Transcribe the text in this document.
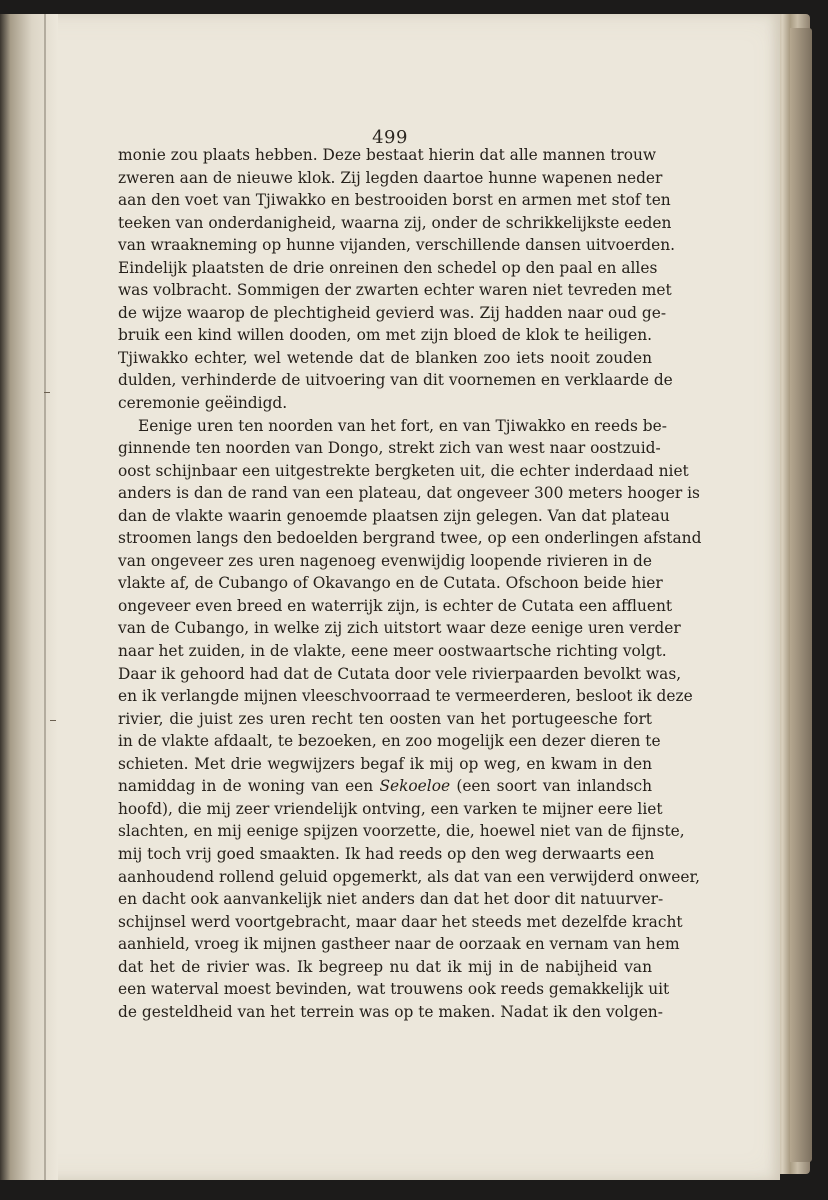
499
monie zou plaats hebben. Deze bestaat hierin dat alle mannen trouw
zweren aan de nieuwe klok. Zij legden daartoe hunne wapenen neder
aan den voet van Tjiwakko en bestrooiden borst en armen met stof ten
teeken van onderdanigheid, waarna zij, onder de schrikkelijkste eeden
van wraakneming op hunne vijanden, verschillende dansen uitvoerden.
Eindelijk plaatsten de drie onreinen den schedel op den paal en alles
was volbracht. Sommigen der zwarten echter waren niet tevreden met
de wijze waarop de plechtigheid gevierd was. Zij hadden naar oud ge-
bruik een kind willen dooden, om met zijn bloed de klok te heiligen.
Tjiwakko echter, wel wetende dat de blanken zoo iets nooit zouden
dulden, verhinderde de uitvoering van dit voornemen en verklaarde de
ceremonie geëindigd.
Eenige uren ten noorden van het fort, en van Tjiwakko en reeds be-
ginnende ten noorden van Dongo, strekt zich van west naar oostzuid-
oost schijnbaar een uitgestrekte bergketen uit, die echter inderdaad niet
anders is dan de rand van een plateau, dat ongeveer 300 meters hooger is
dan de vlakte waarin genoemde plaatsen zijn gelegen. Van dat plateau
stroomen langs den bedoelden bergrand twee, op een onderlingen afstand
van ongeveer zes uren nagenoeg evenwijdig loopende rivieren in de
vlakte af, de Cubango of Okavango en de Cutata. Ofschoon beide hier
ongeveer even breed en waterrijk zijn, is echter de Cutata een affluent
van de Cubango, in welke zij zich uitstort waar deze eenige uren verder
naar het zuiden, in de vlakte, eene meer oostwaartsche richting volgt.
Daar ik gehoord had dat de Cutata door vele rivierpaarden bevolkt was,
en ik verlangde mijnen vleeschvoorraad te vermeerderen, besloot ik deze
rivier, die juist zes uren recht ten oosten van het portugeesche fort
in de vlakte afdaalt, te bezoeken, en zoo mogelijk een dezer dieren te
schieten. Met drie wegwijzers begaf ik mij op weg, en kwam in den
namiddag in de woning van een Sekoeloe (een soort van inlandsch
hoofd), die mij zeer vriendelijk ontving, een varken te mijner eere liet
slachten, en mij eenige spijzen voorzette, die, hoewel niet van de fijnste,
mij toch vrij goed smaakten. Ik had reeds op den weg derwaarts een
aanhoudend rollend geluid opgemerkt, als dat van een verwijderd onweer,
en dacht ook aanvankelijk niet anders dan dat het door dit natuurver-
schijnsel werd voortgebracht, maar daar het steeds met dezelfde kracht
aanhield, vroeg ik mijnen gastheer naar de oorzaak en vernam van hem
dat het de rivier was. Ik begreep nu dat ik mij in de nabijheid van
een waterval moest bevinden, wat trouwens ook reeds gemakkelijk uit
de gesteldheid van het terrein was op te maken. Nadat ik den volgen-
